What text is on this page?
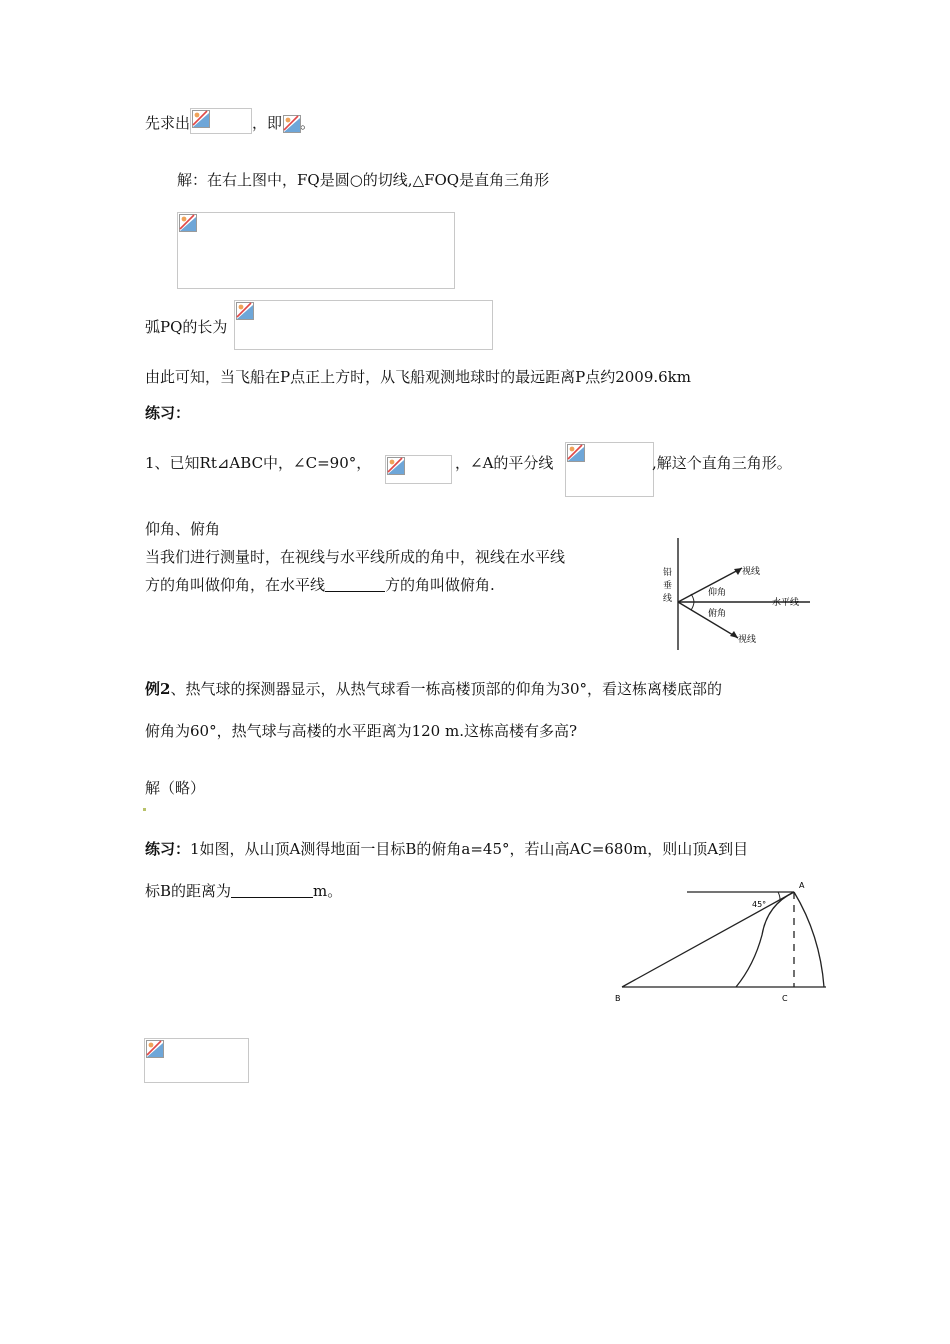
先求出	，即 。
解：在右上图中，FQ是圆○的切线,△FOQ是直角三角形
弧PQ的长为
由此可知，当飞船在P点正上方时，从飞船观测地球时的最远距离P点约2009.6km
练习：
1、已知Rt⊿ABC中，∠C=90°，	，∠A的平分线	,解这个直角三角形。
仰角、俯角
当我们进行测量时，在视线与水平线所成的角中，视线在水平线
方的角叫做仰角，在水平线	方的角叫做俯角.
铅
垂
线
视线
仰角
水平线
俯角
视线
例2、热气球的探测器显示，从热气球看一栋高楼顶部的仰角为30°，看这栋离楼底部的
俯角为60°，热气球与高楼的水平距离为120 m.这栋高楼有多高?
解（略）
练习：1如图，从山顶A测得地面一目标B的俯角a=45°，若山高AC=680m，则山顶A到目
标B的距离为	m。
45°
A
B	C
